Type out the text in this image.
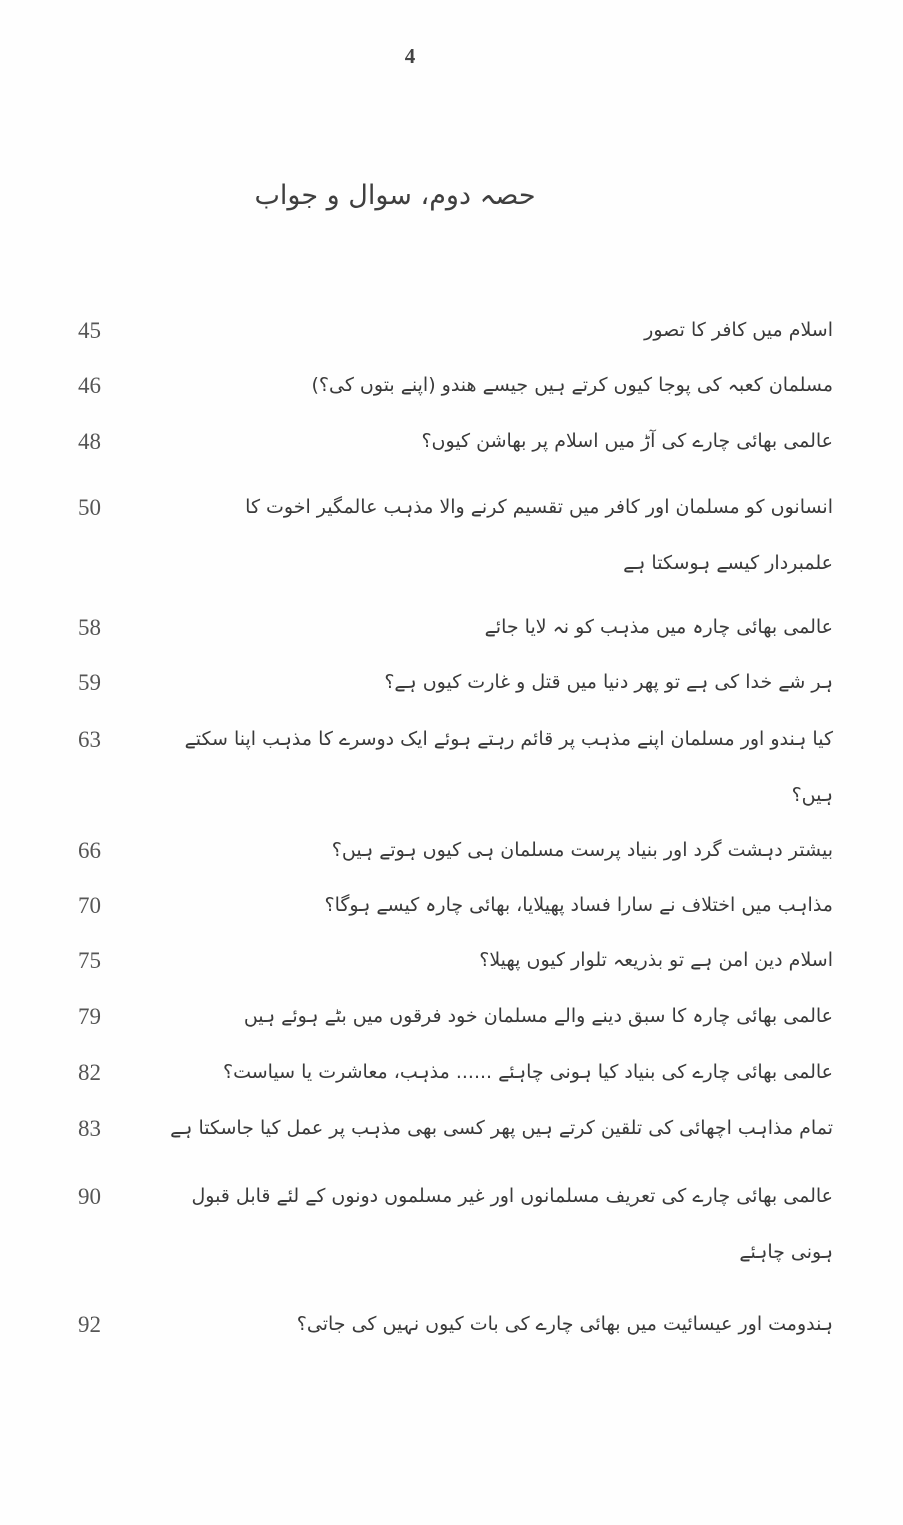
4
حصہ دوم، سوال و جواب
45	اسلام میں کافر کا تصور
46	مسلمان کعبہ کی پوجا کیوں کرتے ہیں جیسے ھندو (اپنے بتوں کی؟)
48	عالمی بھائی چارے کی آڑ میں اسلام پر بھاشن کیوں؟
50	انسانوں کو مسلمان اور کافر میں تقسیم کرنے والا مذہب عالمگیر اخوت کا علمبردار کیسے ہوسکتا ہے
58	عالمی بھائی چارہ میں مذہب کو نہ لایا جائے
59	ہر شے خدا کی ہے تو پھر دنیا میں قتل و غارت کیوں ہے؟
63	کیا ہندو اور مسلمان اپنے مذہب پر قائم رہتے ہوئے ایک دوسرے کا مذہب اپنا سکتے ہیں؟
66	بیشتر دہشت گرد اور بنیاد پرست مسلمان ہی کیوں ہوتے ہیں؟
70	مذاہب میں اختلاف نے سارا فساد پھیلایا، بھائی چارہ کیسے ہوگا؟
75	اسلام دین امن ہے تو بذریعہ تلوار کیوں پھیلا؟
79	عالمی بھائی چارہ کا سبق دینے والے مسلمان خود فرقوں میں بٹے ہوئے ہیں
82	عالمی بھائی چارے کی بنیاد کیا ہونی چاہئے ...... مذہب، معاشرت یا سیاست؟
83	تمام مذاہب اچھائی کی تلقین کرتے ہیں پھر کسی بھی مذہب پر عمل کیا جاسکتا ہے
90	عالمی بھائی چارے کی تعریف مسلمانوں اور غیر مسلموں دونوں کے لئے قابل قبول ہونی چاہئے
92	ہندومت اور عیسائیت میں بھائی چارے کی بات کیوں نہیں کی جاتی؟
